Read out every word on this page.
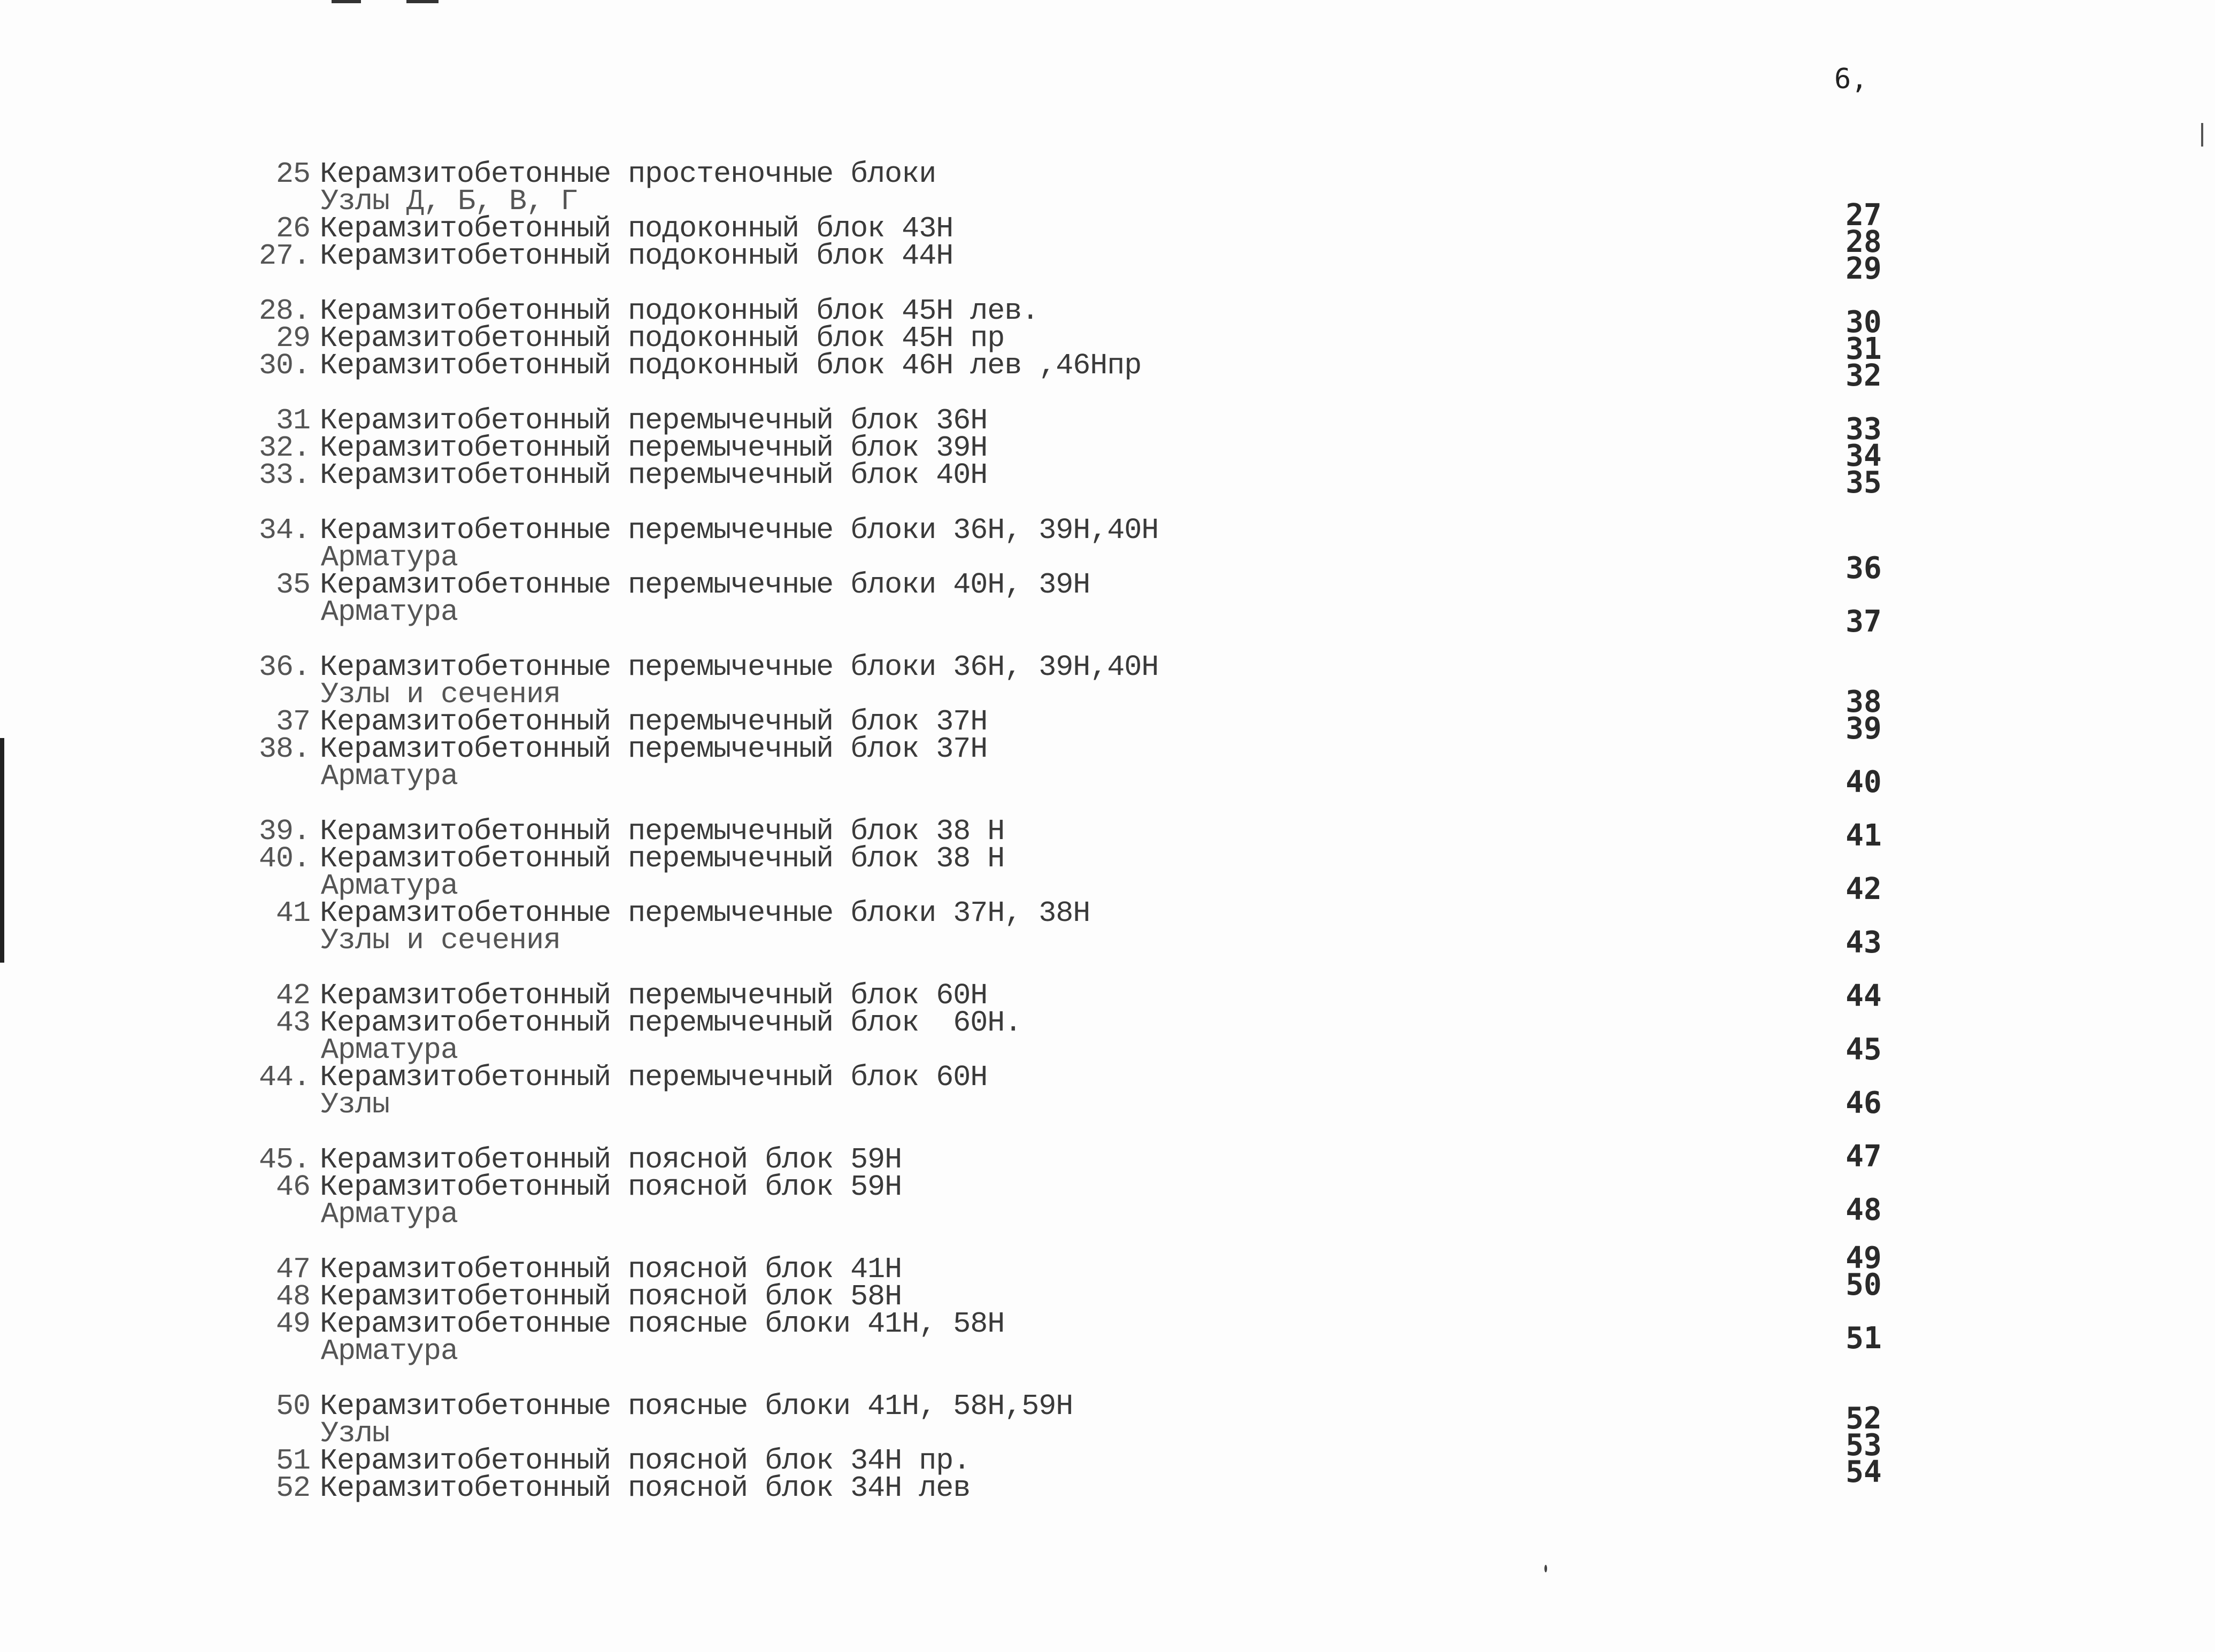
6,
25 Керамзитобетонные простеночные блоки
Узлы Д, Б, В, Г
26 Керамзитобетонный подоконный блок 43Н
27. Керамзитобетонный подоконный блок 44Н
28. Керамзитобетонный подоконный блок 45Н лев.
29 Керамзитобетонный подоконный блок 45Н пр
30. Керамзитобетонный подоконный блок 46Н лев ,46Нпр
31 Керамзитобетонный перемычечный блок 36Н
32. Керамзитобетонный перемычечный блок 39Н
33. Керамзитобетонный перемычечный блок 40Н
34. Керамзитобетонные перемычечные блоки 36Н, 39Н,40Н
Арматура
35 Керамзитобетонные перемычечные блоки 40Н, 39Н
Арматура
36. Керамзитобетонные перемычечные блоки 36Н, 39Н,40Н
Узлы и сечения
37 Керамзитобетонный перемычечный блок 37Н
38. Керамзитобетонный перемычечный блок 37Н
Арматура
39. Керамзитобетонный перемычечный блок 38 Н
40. Керамзитобетонный перемычечный блок 38 Н
Арматура
41 Керамзитобетонные перемычечные блоки 37Н, 38Н
Узлы и сечения
42 Керамзитобетонный перемычечный блок 60Н
43 Керамзитобетонный перемычечный блок  60Н.
Арматура
44. Керамзитобетонный перемычечный блок 60Н
Узлы
45. Керамзитобетонный поясной блок 59Н
46 Керамзитобетонный поясной блок 59Н
Арматура
47 Керамзитобетонный поясной блок 41Н
48 Керамзитобетонный поясной блок 58Н
49 Керамзитобетонные поясные блоки 41Н, 58Н
Арматура
50 Керамзитобетонные поясные блоки 41Н, 58Н,59Н
Узлы
51 Керамзитобетонный поясной блок 34Н пр.
52 Керамзитобетонный поясной блок 34Н лев
27
28
29
30
31
32
33
34
35
36
37
38
39
40
41
42
43
44
45
46
47
48
49
50
51
52
53
54
